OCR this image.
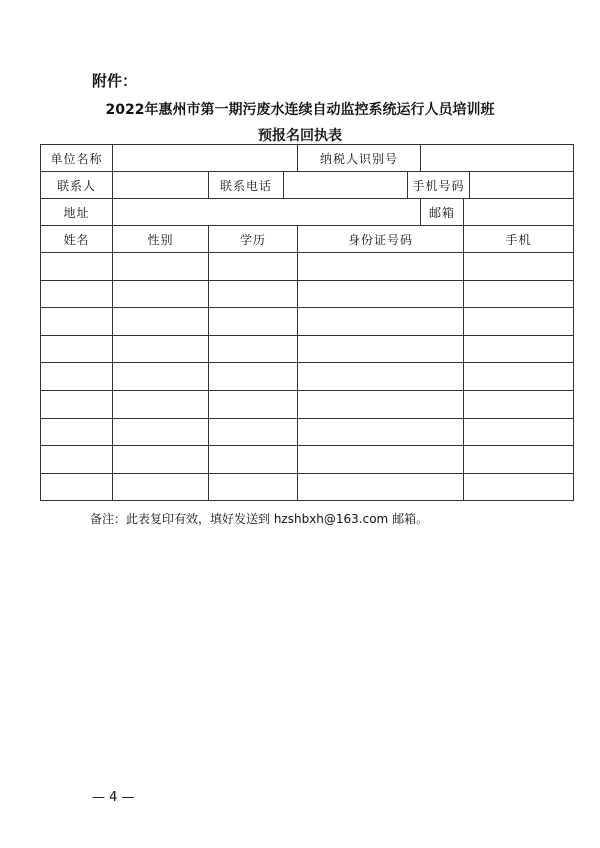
附件：
2022年惠州市第一期污废水连续自动监控系统运行人员培训班
预报名回执表
单位名称				纳税人识别号				
联系人		联系电话			手机号码			
地址						邮箱		
姓名	性别	学历		身份证号码			手机	

备注：此表复印有效，填好发送到 hzshbxh@163.com 邮箱。
— 4 —
